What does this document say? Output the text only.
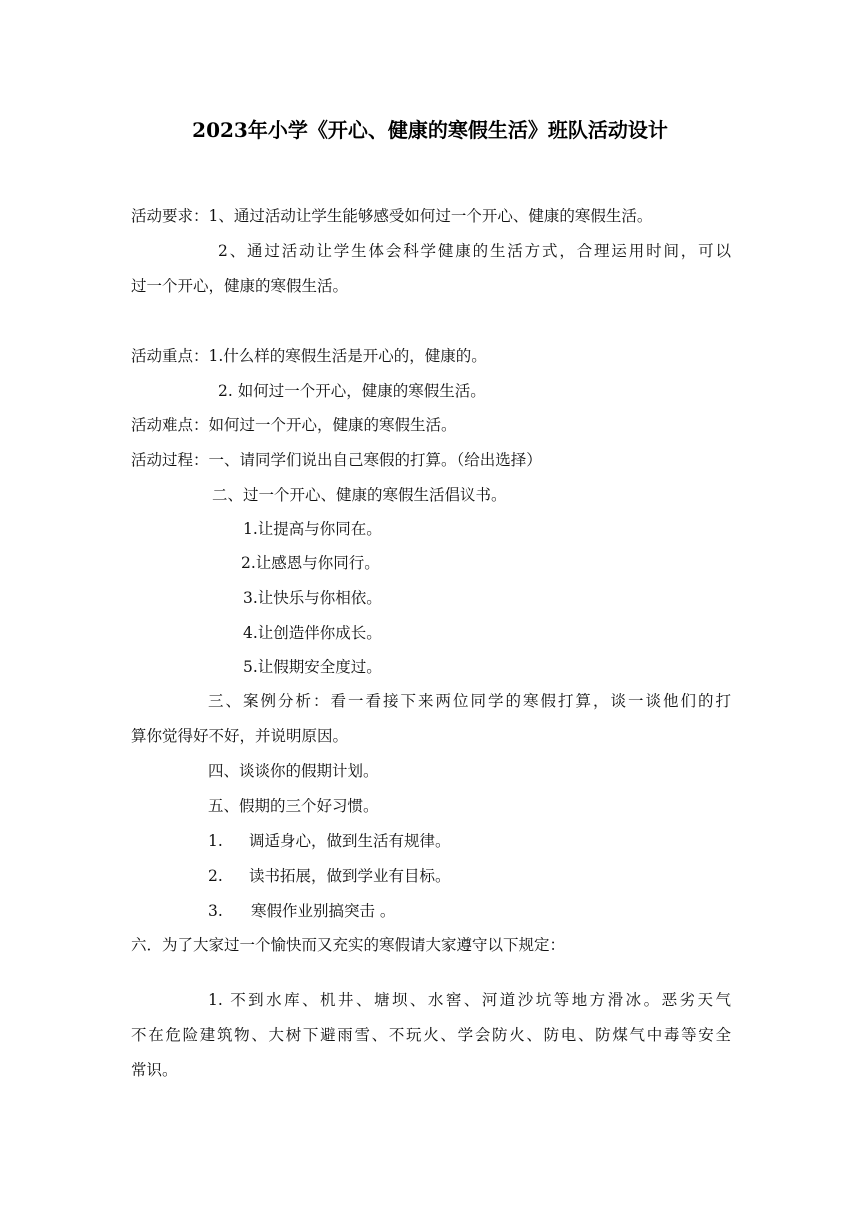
2023年小学《开心、健康的寒假生活》班队活动设计
活动要求：1、通过活动让学生能够感受如何过一个开心、健康的寒假生活。
2、通过活动让学生体会科学健康的生活方式，合理运用时间，可以
过一个开心，健康的寒假生活。
活动重点：1.什么样的寒假生活是开心的，健康的。
2. 如何过一个开心，健康的寒假生活。
活动难点：如何过一个开心，健康的寒假生活。
活动过程：一、请同学们说出自己寒假的打算。（给出选择）
二、过一个开心、健康的寒假生活倡议书。
1.让提高与你同在。
2.让感恩与你同行。
3.让快乐与你相依。
4.让创造伴你成长。
5.让假期安全度过。
三、案例分析：看一看接下来两位同学的寒假打算，谈一谈他们的打
算你觉得好不好，并说明原因。
四、谈谈你的假期计划。
五、假期的三个好习惯。
1. 调适身心，做到生活有规律。
2. 读书拓展，做到学业有目标。
3. 寒假作业别搞突击 。
六．为了大家过一个愉快而又充实的寒假请大家遵守以下规定：
1. 不到水库、机井、塘坝、水窖、河道沙坑等地方滑冰。恶劣天气
不在危险建筑物、大树下避雨雪、不玩火、学会防火、防电、防煤气中毒等安全
常识。
